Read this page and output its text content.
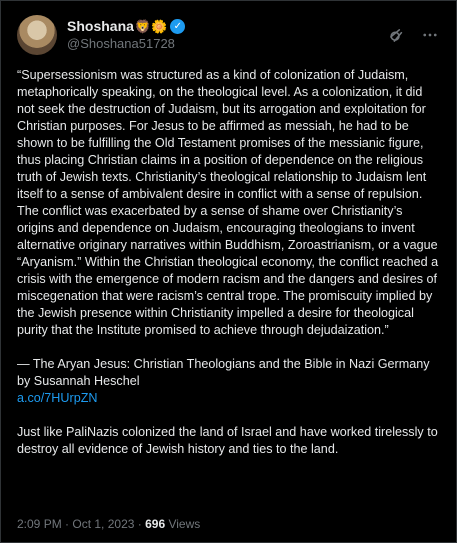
Shoshana 🦁🌼 ✓
@Shoshana51728

“Supersessionism was structured as a kind of colonization of Judaism, metaphorically speaking, on the theological level. As a colonization, it did not seek the destruction of Judaism, but its arrogation and exploitation for Christian purposes. For Jesus to be affirmed as messiah, he had to be shown to be fulfilling the Old Testament promises of the messianic figure, thus placing Christian claims in a position of dependence on the religious truth of Jewish texts. Christianity’s theological relationship to Judaism lent itself to a sense of ambivalent desire in conflict with a sense of repulsion. The conflict was exacerbated by a sense of shame over Christianity’s origins and dependence on Judaism, encouraging theologians to invent alternative originary narratives within Buddhism, Zoroastrianism, or a vague “Aryanism.” Within the Christian theological economy, the conflict reached a crisis with the emergence of modern racism and the dangers and desires of miscegenation that were racism’s central trope. The promiscuity implied by the Jewish presence within Christianity impelled a desire for theological purity that the Institute promised to achieve through dejudaization.”

— The Aryan Jesus: Christian Theologians and the Bible in Nazi Germany by Susannah Heschel
a.co/7HUrpZN

Just like PaliNazis colonized the land of Israel and have worked tirelessly to destroy all evidence of Jewish history and ties to the land.

2:09 PM · Oct 1, 2023 · 696 Views
